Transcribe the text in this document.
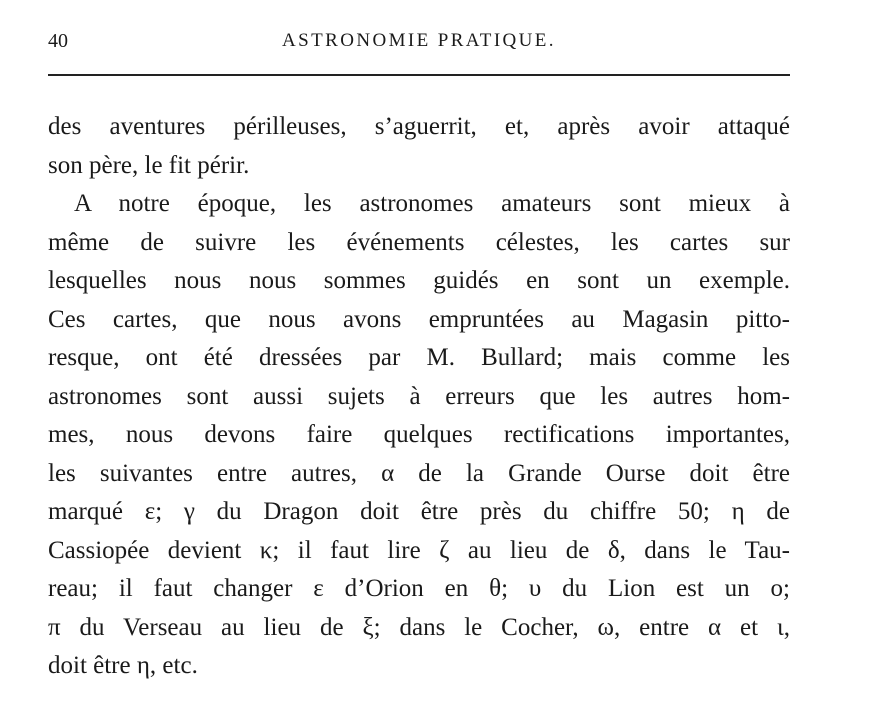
40	ASTRONOMIE PRATIQUE.
des aventures périlleuses, s’aguerrit, et, après avoir attaqué
son père, le fit périr.
A notre époque, les astronomes amateurs sont mieux à
même de suivre les événements célestes, les cartes sur
lesquelles nous nous sommes guidés en sont un exemple.
Ces cartes, que nous avons empruntées au Magasin pitto-
resque, ont été dressées par M. Bullard; mais comme les
astronomes sont aussi sujets à erreurs que les autres hom-
mes, nous devons faire quelques rectifications importantes,
les suivantes entre autres, α de la Grande Ourse doit être
marqué ε; γ du Dragon doit être près du chiffre 50; η de
Cassiopée devient κ; il faut lire ζ au lieu de δ, dans le Tau-
reau; il faut changer ε d’Orion en θ; υ du Lion est un ο;
π du Verseau au lieu de ξ; dans le Cocher, ω, entre α et ι,
doit être η, etc.
